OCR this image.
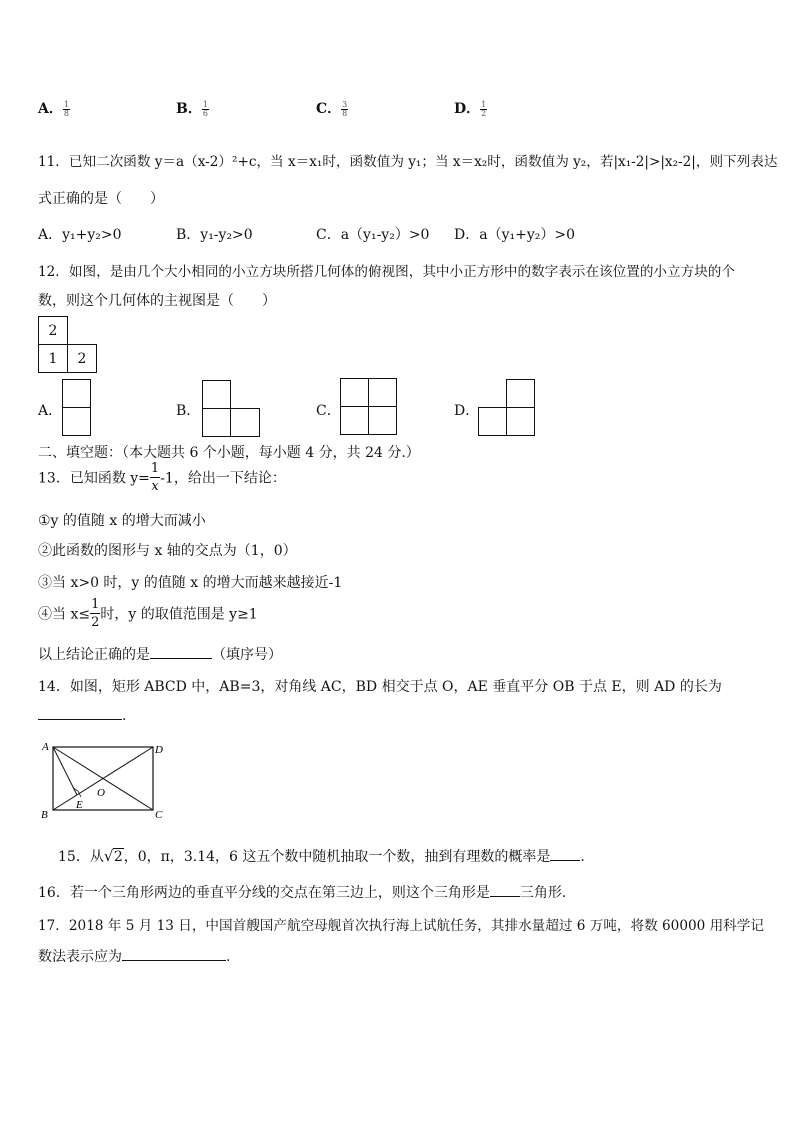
A． $\frac{1}{8}$	B． $\frac{1}{6}$	C． $\frac{3}{8}$	D． $\frac{1}{2}$
11．已知二次函数 y＝a（x-2）²+c，当 x＝x₁时，函数值为 y₁；当 x＝x₂时，函数值为 y₂，若|x₁-2|>|x₂-2|，则下列表达
式正确的是（　　）
A．y₁+y₂>0	B．y₁-y₂>0	C．a（y₁-y₂）>0 D．a（y₁+y₂）>0
12．如图，是由几个大小相同的小立方块所搭几何体的俯视图，其中小正方形中的数字表示在该位置的小立方块的个
数，则这个几何体的主视图是（　　）
2
1	2
A．	B．	C．	D．
二、填空题：（本大题共 6 个小题，每小题 4 分，共 24 分.）
13．已知函数 $y= \frac{1}{x} -1$，给出一下结论：
①y 的值随 x 的增大而减小
②此函数的图形与 x 轴的交点为（1，0）
③当 x>0 时，y 的值随 x 的增大而越来越接近-1
④当 $x\le \frac{1}{2}$ 时，y 的取值范围是 y≥1
以上结论正确的是	（填序号）
14．如图，矩形 ABCD 中，AB=3，对角线 AC，BD 相交于点 O，AE 垂直平分 OB 于点 E，则 AD 的长为
.
A	D
B	C
E
O
15．从 √ 2，0，π，3.14，6 这五个数中随机抽取一个数，抽到有理数的概率是 .
16．若一个三角形两边的垂直平分线的交点在第三边上，则这个三角形是 三角形.
17．2018 年 5 月 13 日，中国首艘国产航空母舰首次执行海上试航任务，其排水量超过 6 万吨，将数 60000 用科学记
数法表示应为	.
